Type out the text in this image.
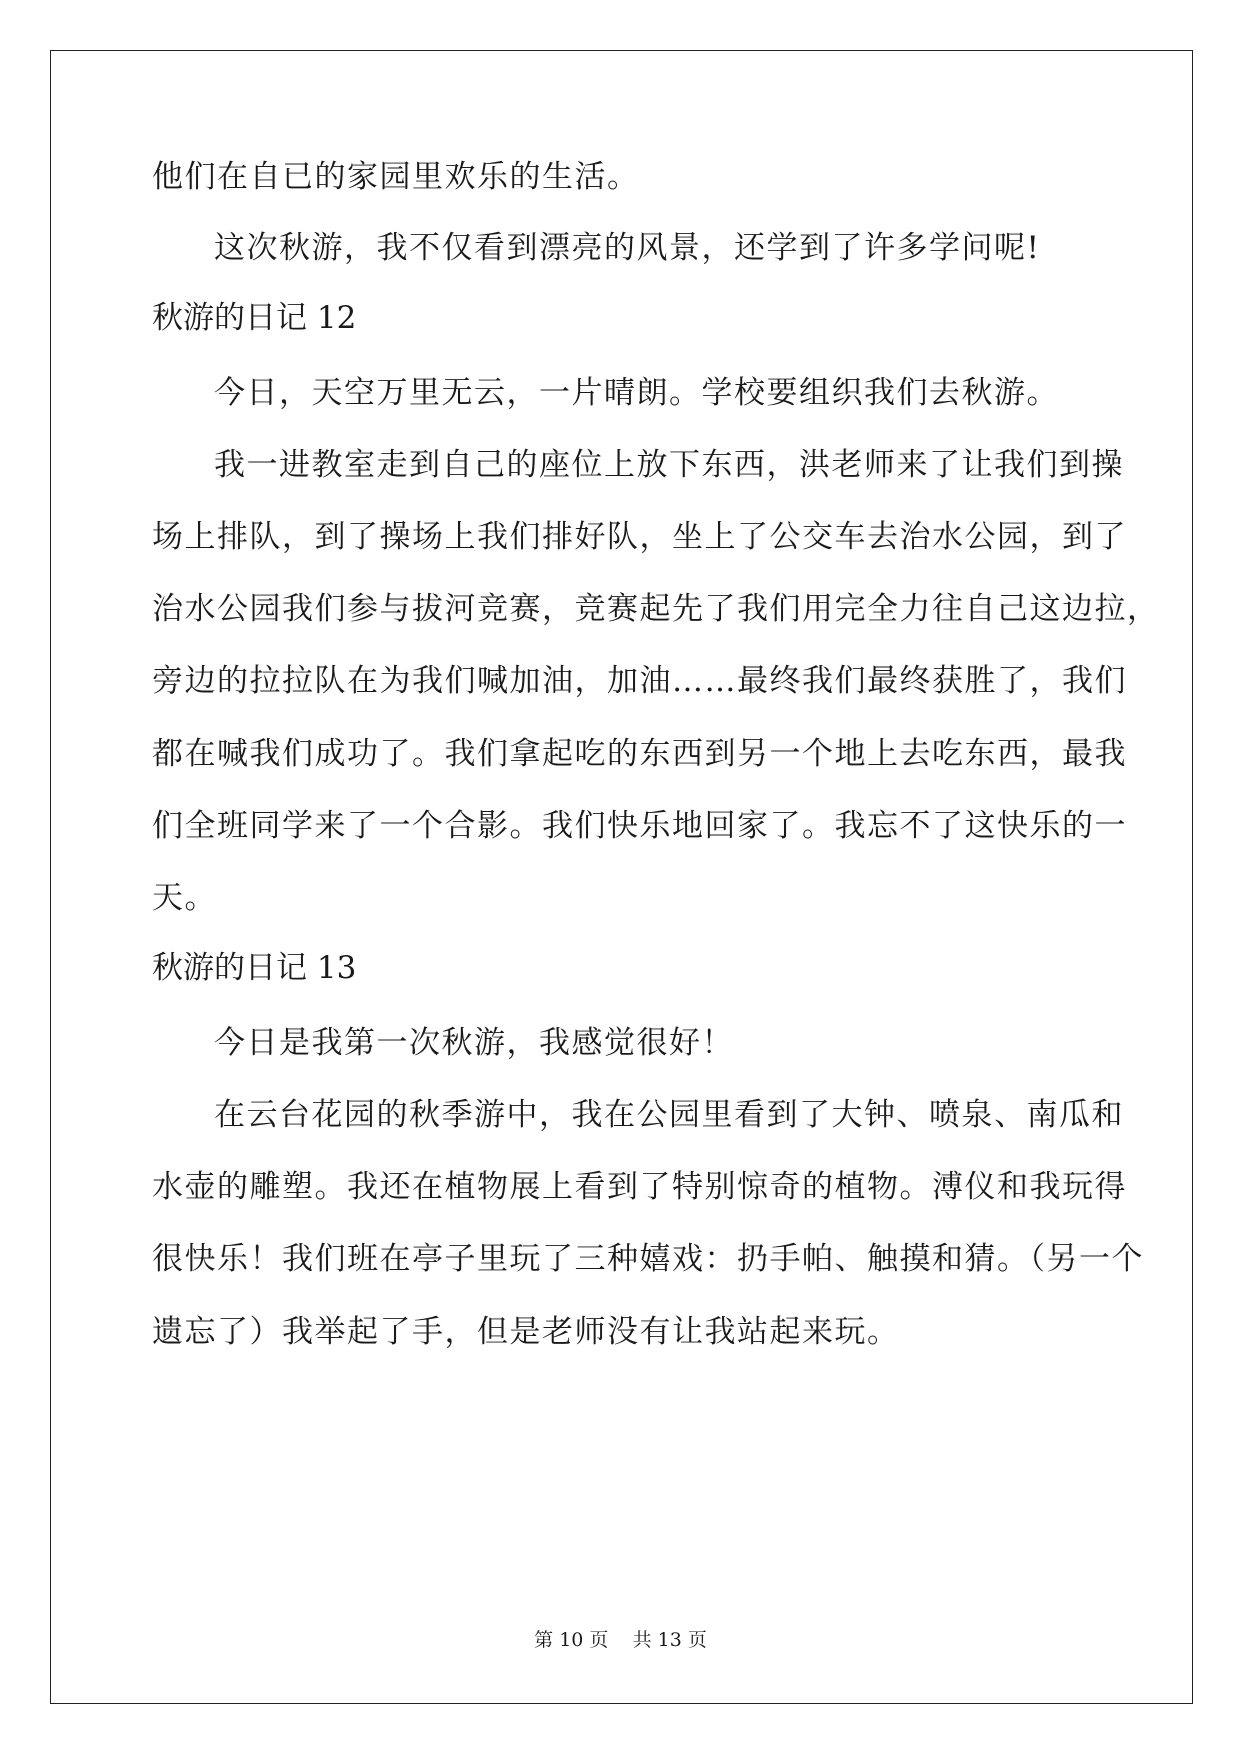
他们在自已的家园里欢乐的生活。
这次秋游，我不仅看到漂亮的风景，还学到了许多学问呢!
秋游的日记 12
今日，天空万里无云，一片晴朗。学校要组织我们去秋游。
我一进教室走到自己的座位上放下东西，洪老师来了让我们到操
场上排队，到了操场上我们排好队，坐上了公交车去治水公园，到了
治水公园我们参与拔河竞赛，竞赛起先了我们用完全力往自己这边拉，
旁边的拉拉队在为我们喊加油，加油……最终我们最终获胜了，我们
都在喊我们成功了。我们拿起吃的东西到另一个地上去吃东西，最我
们全班同学来了一个合影。我们快乐地回家了。我忘不了这快乐的一
天。
秋游的日记 13
今日是我第一次秋游，我感觉很好！
在云台花园的秋季游中，我在公园里看到了大钟、喷泉、南瓜和
水壶的雕塑。我还在植物展上看到了特别惊奇的植物。溥仪和我玩得
很快乐！我们班在亭子里玩了三种嬉戏：扔手帕、触摸和猜。（另一个
遗忘了）我举起了手，但是老师没有让我站起来玩。
第 10 页    共 13 页
